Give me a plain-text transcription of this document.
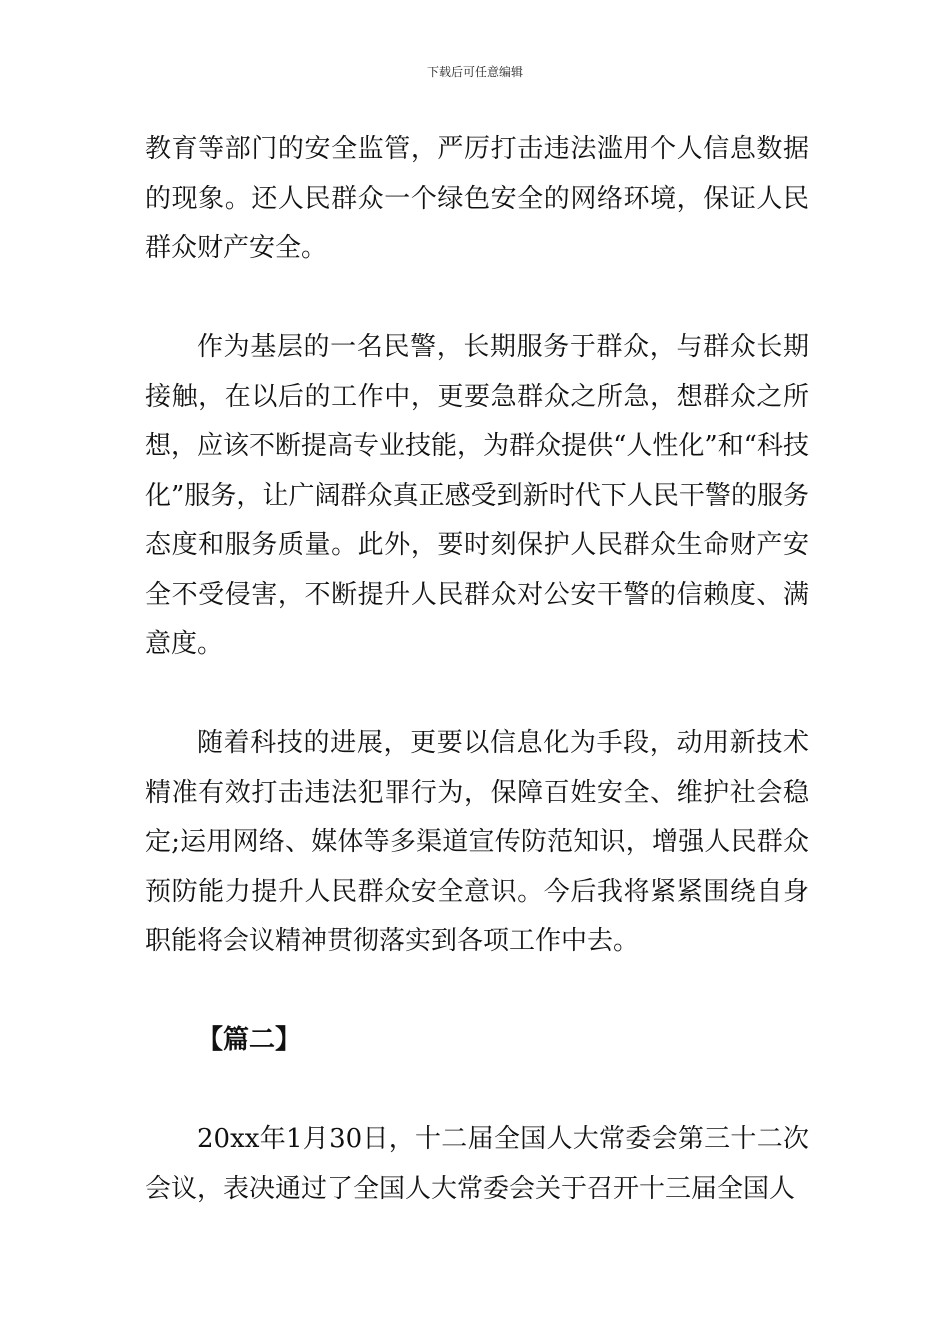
下载后可任意编辑

教育等部门的安全监管，严厉打击违法滥用个人信息数据的现象。还人民群众一个绿色安全的网络环境，保证人民群众财产安全。

作为基层的一名民警，长期服务于群众，与群众长期接触，在以后的工作中，更要急群众之所急，想群众之所想，应该不断提高专业技能，为群众提供“人性化”和“科技化”服务，让广阔群众真正感受到新时代下人民干警的服务态度和服务质量。此外，要时刻保护人民群众生命财产安全不受侵害，不断提升人民群众对公安干警的信赖度、满意度。

随着科技的进展，更要以信息化为手段，动用新技术精准有效打击违法犯罪行为，保障百姓安全、维护社会稳定;运用网络、媒体等多渠道宣传防范知识，增强人民群众预防能力提升人民群众安全意识。今后我将紧紧围绕自身职能将会议精神贯彻落实到各项工作中去。

【篇二】

20xx年1月30日，十二届全国人大常委会第三十二次会议，表决通过了全国人大常委会关于召开十三届全国人
